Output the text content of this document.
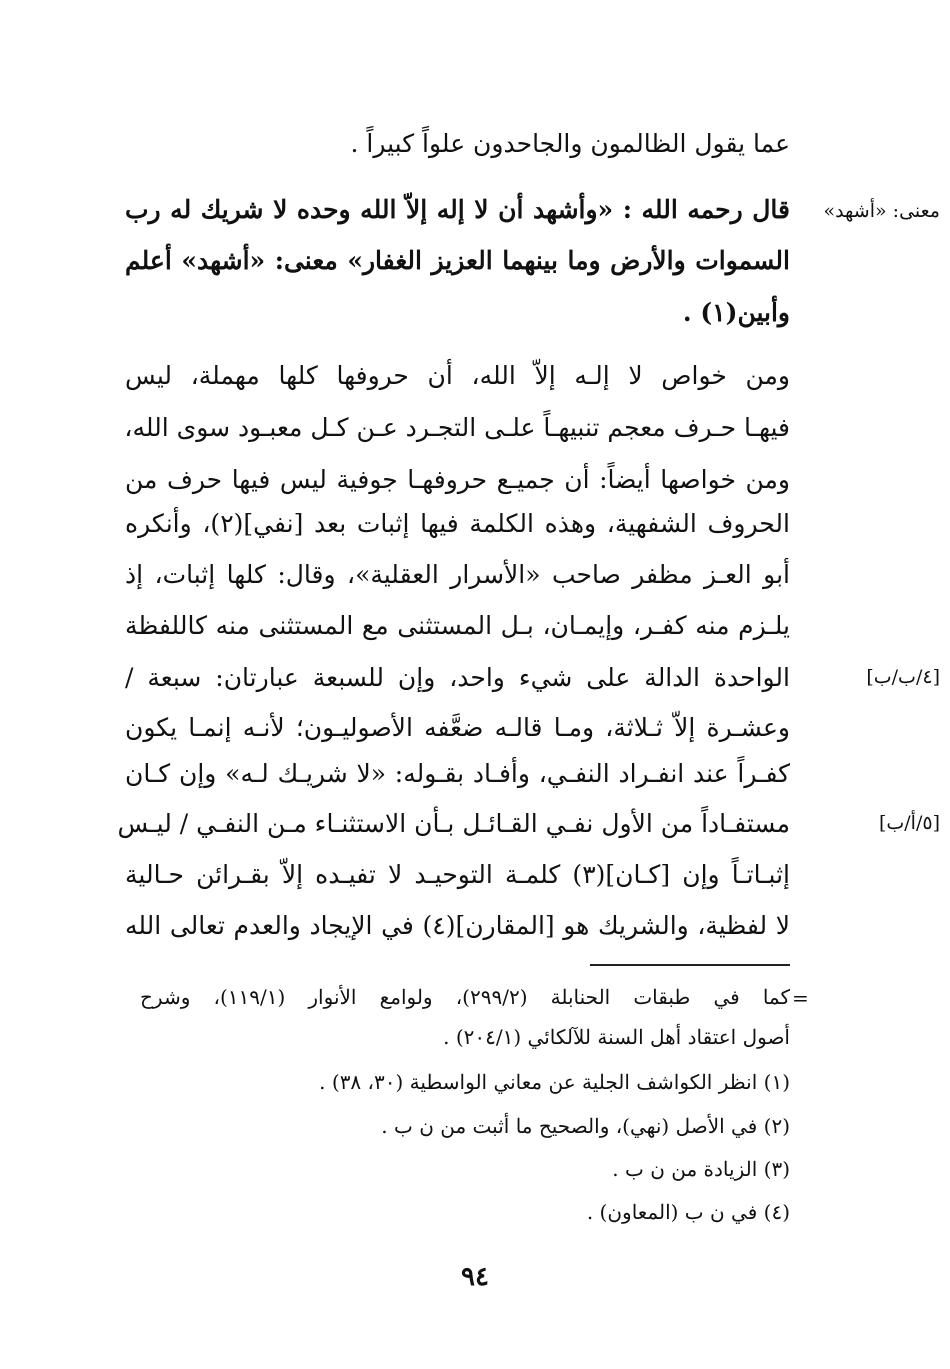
عما يقول الظالمون والجاحدون علواً كبيراً .
قال رحمه الله : «وأشهد أن لا إله إلاّ الله وحده لا شريك له رب
السموات والأرض وما بينهما العزيز الغفار» معنى: «أشهد» أعلم
وأبين(١) .
ومن خواص لا إلـه إلاّ الله، أن حروفها كلها مهملة، ليس
فيهـا حـرف معجم تنبيهـاً علـى التجـرد عـن كـل معبـود سوى الله،
ومن خواصها أيضاً: أن جميـع حروفهـا جوفية ليس فيها حرف من
الحروف الشفهية، وهذه الكلمة فيها إثبات بعد [نفي](٢)، وأنكره
أبو العـز مظفر صاحب «الأسرار العقلية»، وقال: كلها إثبات، إذ
يلـزم منه كفـر، وإيمـان، بـل المستثنى مع المستثنى منه كاللفظة
الواحدة الدالة على شيء واحد، وإن للسبعة عبارتان: سبعة /
وعشـرة إلاّ ثـلاثة، ومـا قالـه ضعَّفه الأصوليـون؛ لأنـه إنمـا يكون
كفـراً عند انفـراد النفـي، وأفـاد بقـوله: «لا شريـك لـه» وإن كـان
مستفـاداً من الأول نفـي القـائـل بـأن الاستثنـاء مـن النفـي / ليـس
إثبـاتـاً وإن [كـان](٣) كلمـة التوحيـد لا تفيـده إلاّ بقـرائن حـالية
لا لفظية، والشريك هو [المقارن](٤) في الإيجاد والعدم تعالى الله
معنى: «أشهد»
[٤/ب/ب]
[٥/أ/ب]
=
كما في طبقات الحنابلة (٢٩٩/٢)، ولوامع الأنوار (١١٩/١)، وشرح
أصول اعتقاد أهل السنة للآلكائي (٢٠٤/١) .
(١) انظر الكواشف الجلية عن معاني الواسطية (٣٠، ٣٨) .
(٢) في الأصل (نهي)، والصحيح ما أثبت من ن ب .
(٣) الزيادة من ن ب .
(٤) في ن ب (المعاون) .
٩٤
